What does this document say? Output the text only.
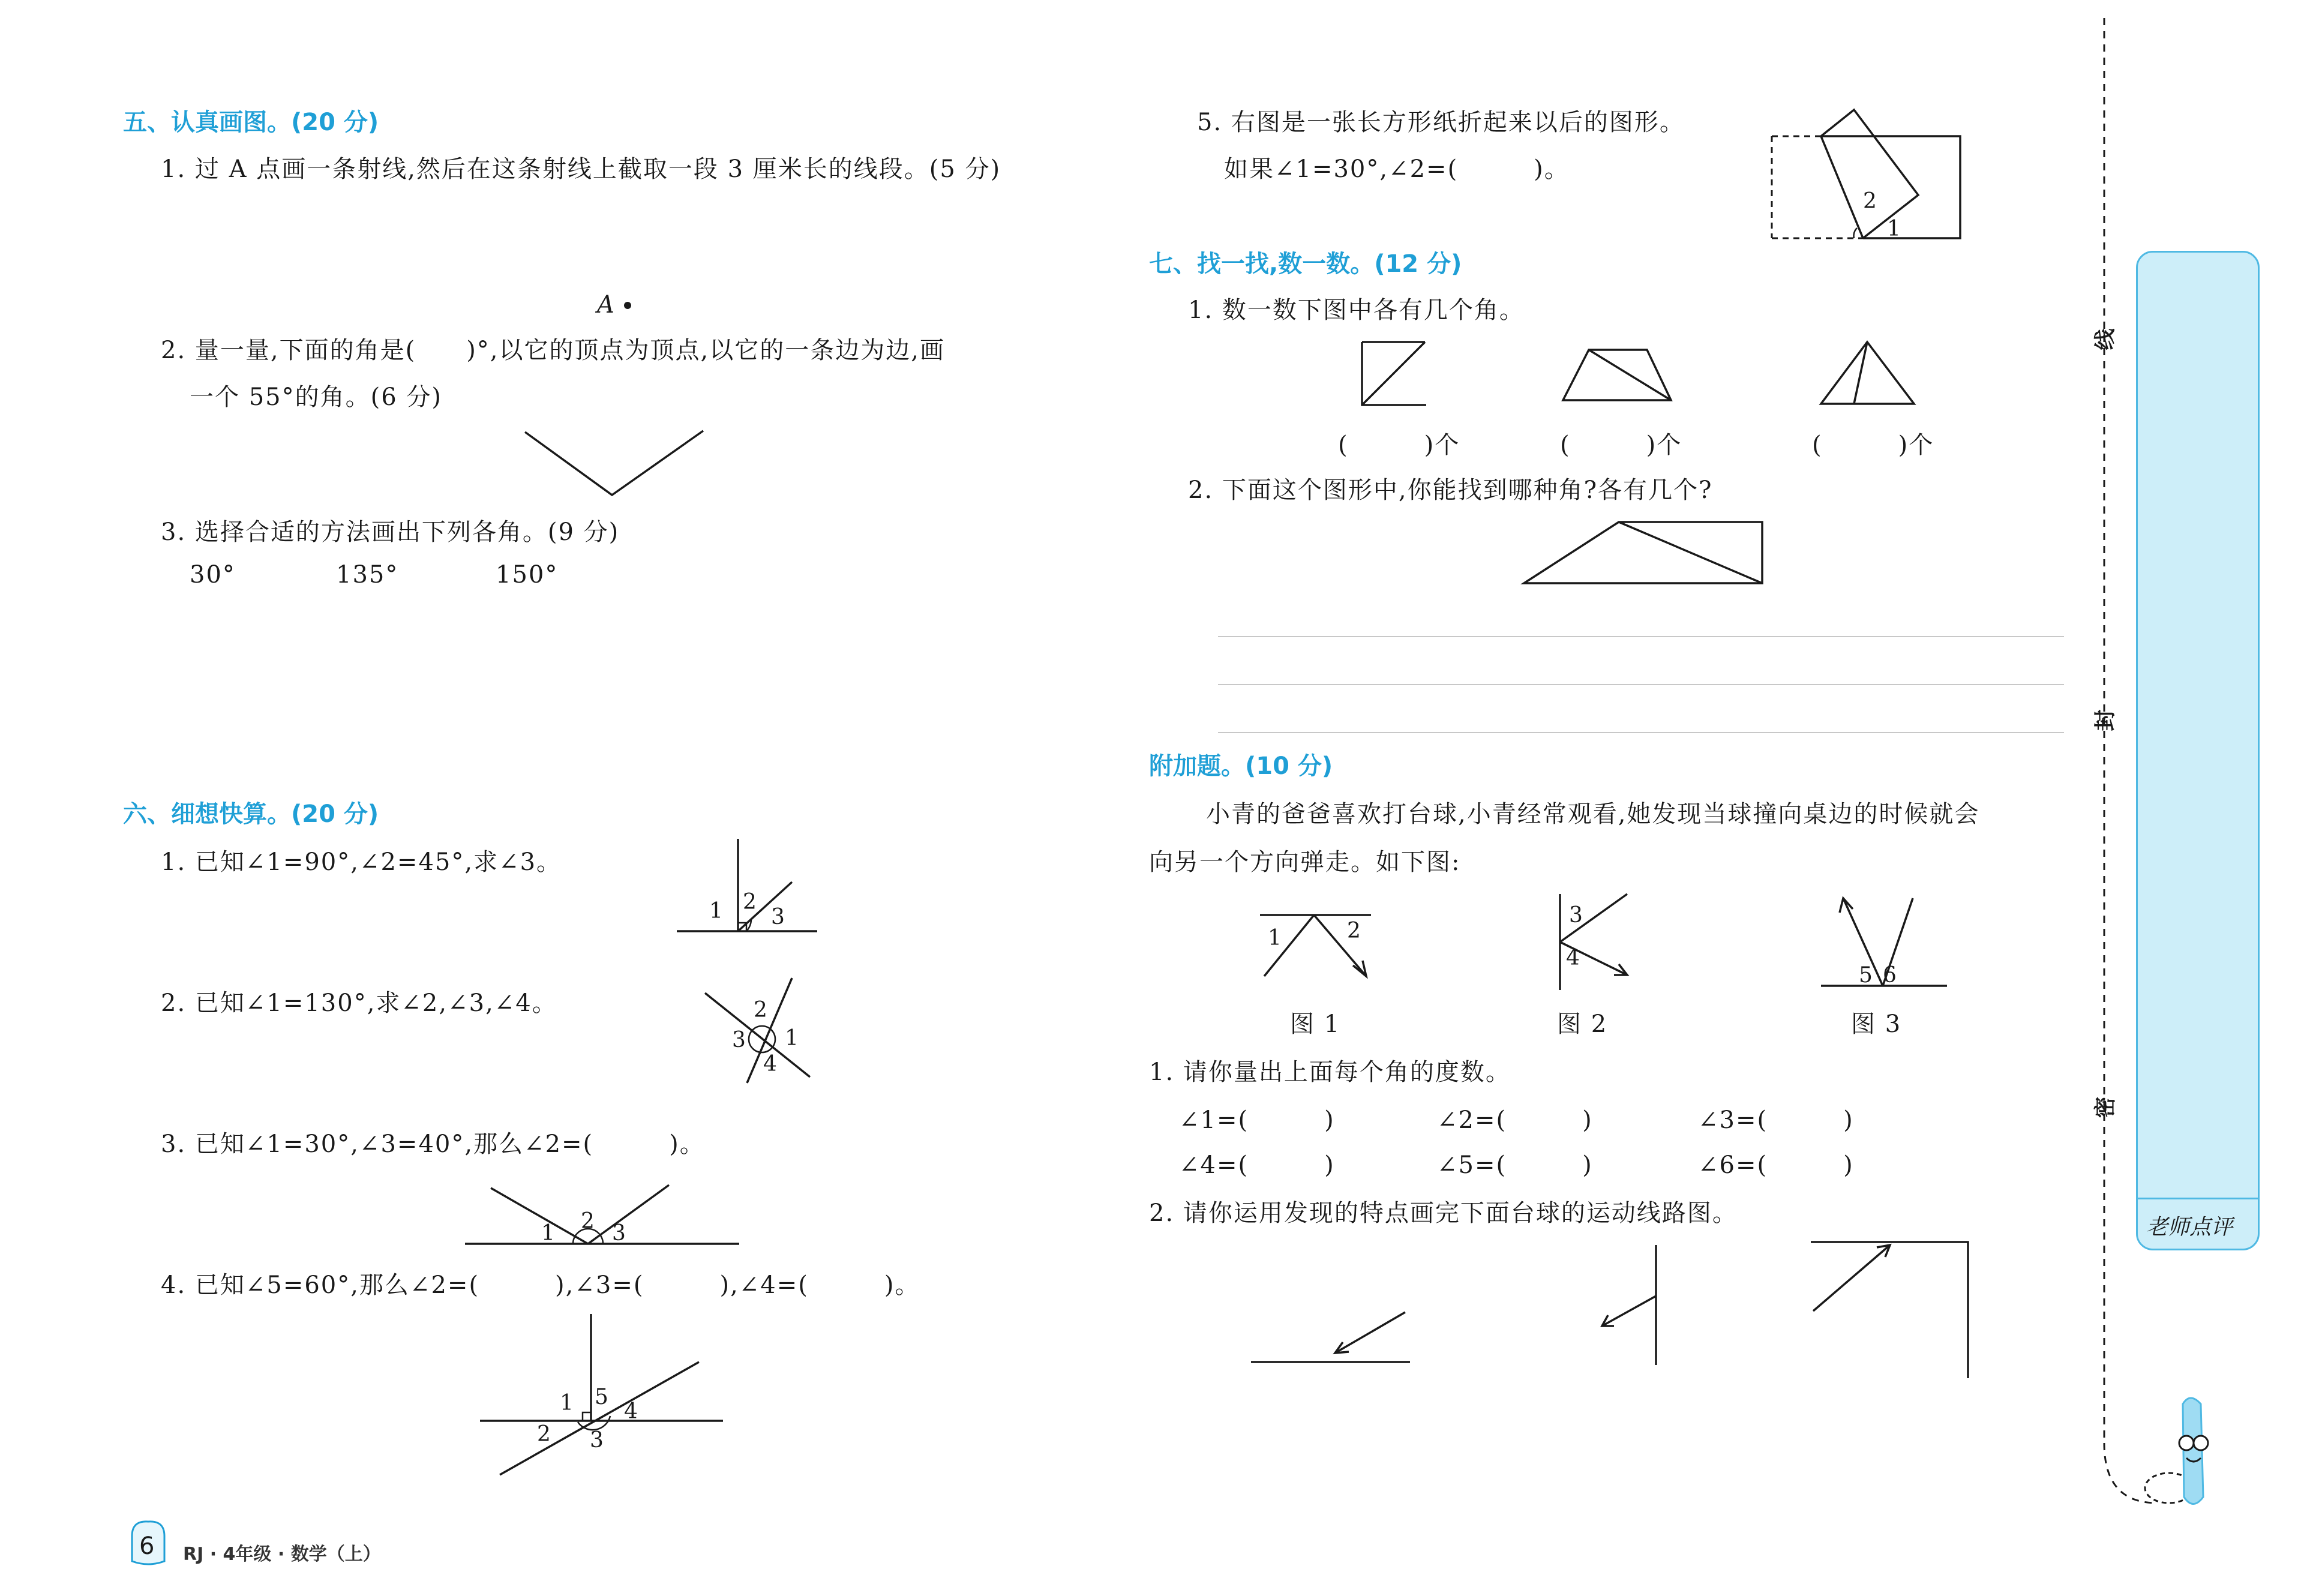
五、认真画图。(20 分)
1. 过 A 点画一条射线,然后在这条射线上截取一段 3 厘米长的线段。(5 分)
A
2. 量一量,下面的角是(　　)°,以它的顶点为顶点,以它的一条边为边,画
一个 55°的角。(6 分)
3. 选择合适的方法画出下列各角。(9 分)
30°	135°	150°
六、细想快算。(20 分)
1. 已知∠1=90°,∠2=45°,求∠3。
1 2
3
2. 已知∠1=130°,求∠2,∠3,∠4。	2
3 1
4
3. 已知∠1=30°,∠3=40°,那么∠2=(　　　)。
1 2 3
4. 已知∠5=60°,那么∠2=(　　　),∠3=(　　　),∠4=(　　　)。
1 5
4
2 3
6 RJ · 4年级 · 数学（上）
5. 右图是一张长方形纸折起来以后的图形。
如果∠1=30°,∠2=(　　　)。
2
1
七、找一找,数一数。(12 分)
1. 数一数下图中各有几个角。
(　　　)个	(　　　)个	(　　　)个
2. 下面这个图形中,你能找到哪种角?各有几个?
附加题。(10 分)
小青的爸爸喜欢打台球,小青经常观看,她发现当球撞向桌边的时候就会
向另一个方向弹走。如下图:
1	2
3
4
5 6
图 1	图 2	图 3
1. 请你量出上面每个角的度数。
∠1=(　　　)	∠2=(　　　)	∠3=(　　　)
∠4=(　　　)	∠5=(　　　)	∠6=(　　　)
2. 请你运用发现的特点画完下面台球的运动线路图。
线
封
密
老师点评
